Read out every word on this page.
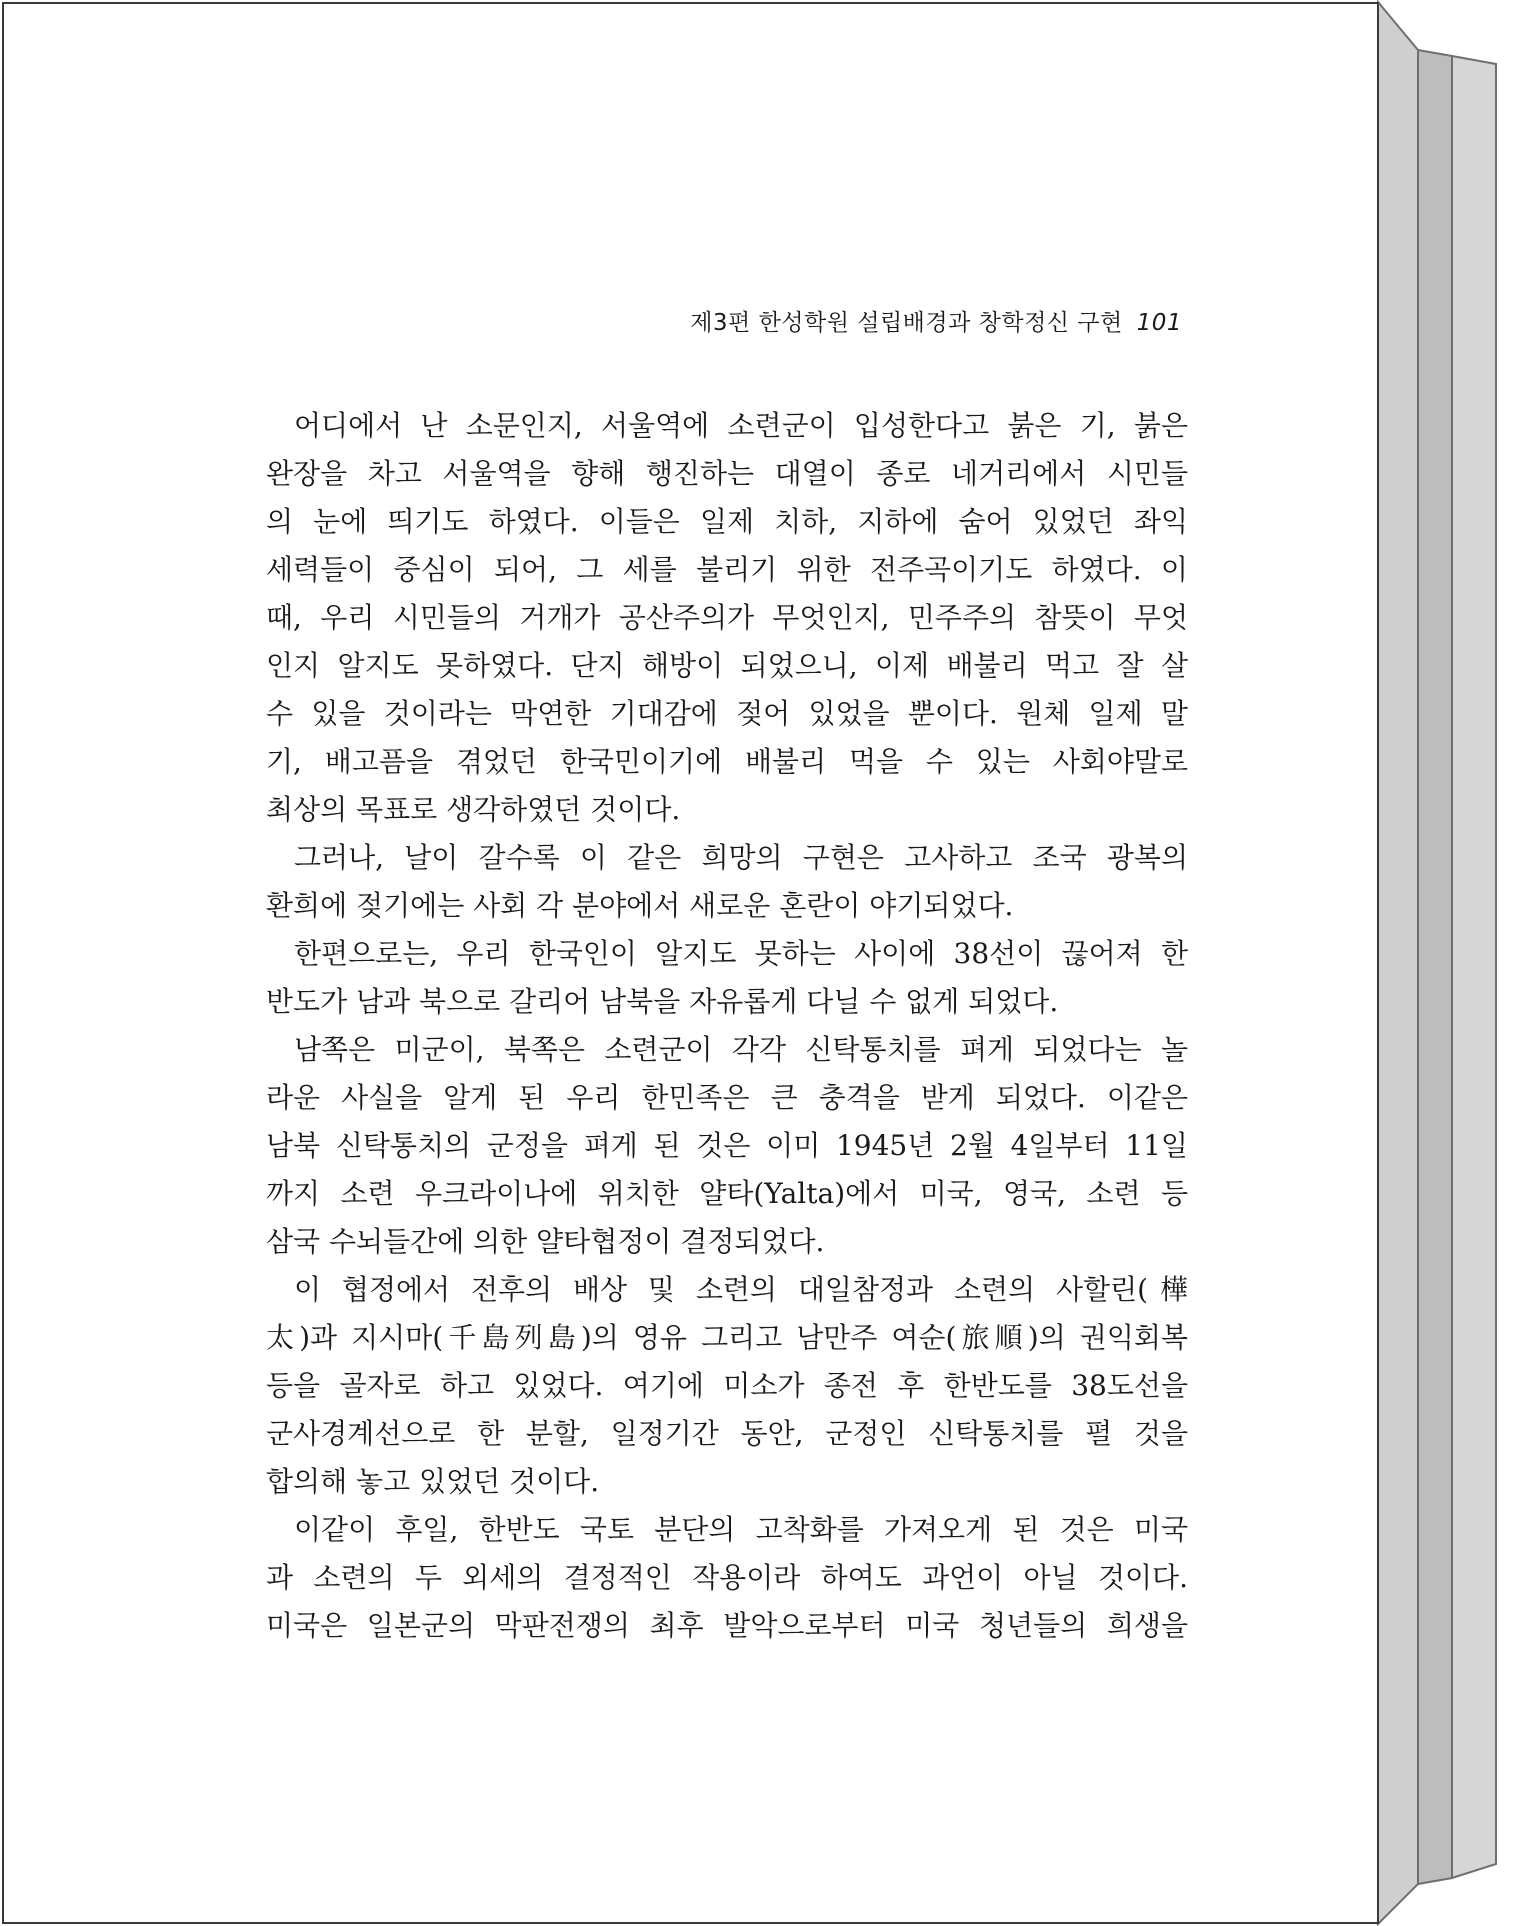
제3편 한성학원 설립배경과 창학정신 구현 101
어디에서 난 소문인지, 서울역에 소련군이 입성한다고 붉은 기, 붉은
완장을 차고 서울역을 향해 행진하는 대열이 종로 네거리에서 시민들
의 눈에 띄기도 하였다. 이들은 일제 치하, 지하에 숨어 있었던 좌익
세력들이 중심이 되어, 그 세를 불리기 위한 전주곡이기도 하였다. 이
때, 우리 시민들의 거개가 공산주의가 무엇인지, 민주주의 참뜻이 무엇
인지 알지도 못하였다. 단지 해방이 되었으니, 이제 배불리 먹고 잘 살
수 있을 것이라는 막연한 기대감에 젖어 있었을 뿐이다. 원체 일제 말
기, 배고픔을 겪었던 한국민이기에 배불리 먹을 수 있는 사회야말로
최상의 목표로 생각하였던 것이다.
그러나, 날이 갈수록 이 같은 희망의 구현은 고사하고 조국 광복의
환희에 젖기에는 사회 각 분야에서 새로운 혼란이 야기되었다.
한편으로는, 우리 한국인이 알지도 못하는 사이에 38선이 끊어져 한
반도가 남과 북으로 갈리어 남북을 자유롭게 다닐 수 없게 되었다.
남쪽은 미군이, 북쪽은 소련군이 각각 신탁통치를 펴게 되었다는 놀
라운 사실을 알게 된 우리 한민족은 큰 충격을 받게 되었다. 이같은
남북 신탁통치의 군정을 펴게 된 것은 이미 1945년 2월 4일부터 11일
까지 소련 우크라이나에 위치한 얄타(Yalta)에서 미국, 영국, 소련 등
삼국 수뇌들간에 의한 얄타협정이 결정되었다.
이 협정에서 전후의 배상 및 소련의 대일참정과 소련의 사할린(樺
太)과 지시마(千島列島)의 영유 그리고 남만주 여순(旅順)의 권익회복
등을 골자로 하고 있었다. 여기에 미소가 종전 후 한반도를 38도선을
군사경계선으로 한 분할, 일정기간 동안, 군정인 신탁통치를 펼 것을
합의해 놓고 있었던 것이다.
이같이 후일, 한반도 국토 분단의 고착화를 가져오게 된 것은 미국
과 소련의 두 외세의 결정적인 작용이라 하여도 과언이 아닐 것이다.
미국은 일본군의 막판전쟁의 최후 발악으로부터 미국 청년들의 희생을
